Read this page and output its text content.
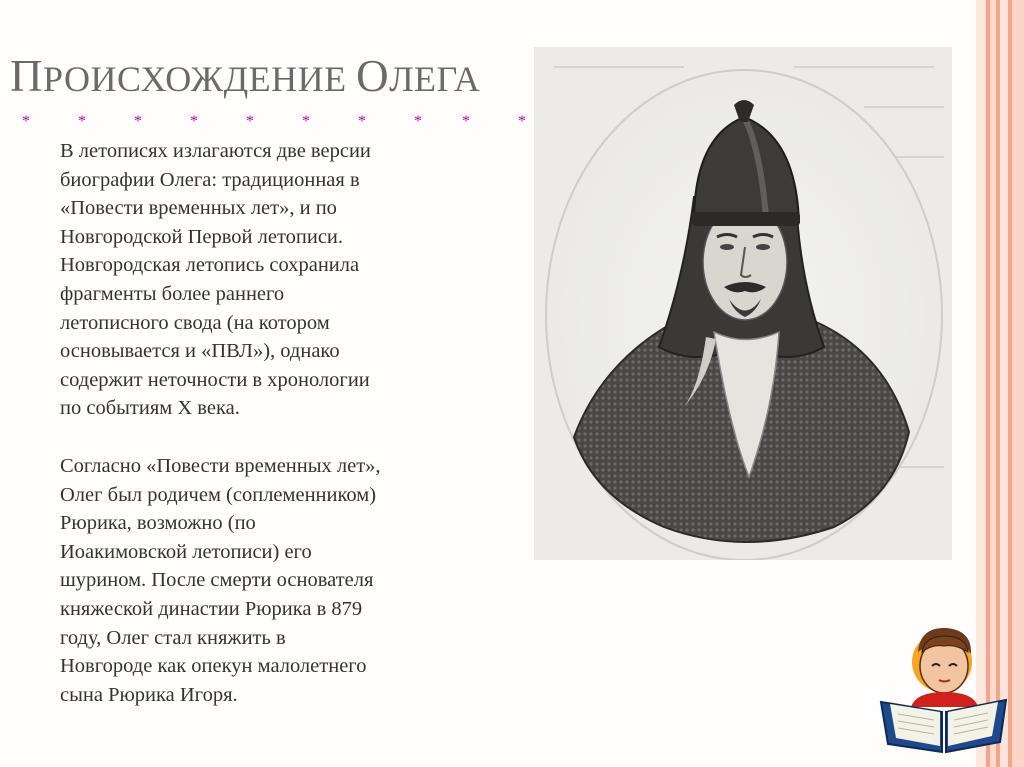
ПРОИСХОЖДЕНИЕ ОЛЕГА
*	*	*	*	*	*	*	*	*	*

В летописях излагаются две версии

биографии Олега: традиционная в

«Повести временных лет», и по

Новгородской Первой летописи.

Новгородская летопись сохранила

фрагменты более раннего

летописного свода (на котором

основывается и «ПВЛ»), однако

содержит неточности в хронологии

по событиям X века.

Согласно «Повести временных лет»,

Олег был родичем (соплеменником)

Рюрика, возможно (по

Иоакимовской летописи) его

шурином. После смерти основателя

княжеской династии Рюрика в 879

году, Олег стал княжить в

Новгороде как опекун малолетнего

сына Рюрика Игоря.
